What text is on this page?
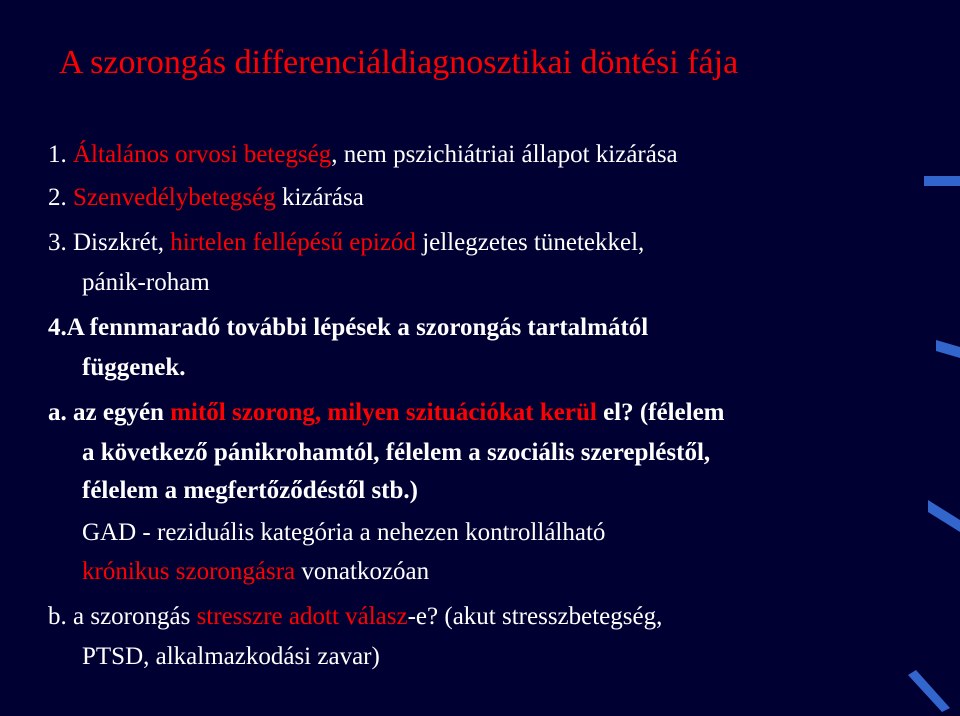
A szorongás differenciáldiagnosztikai döntési fája

1. Általános orvosi betegség, nem pszichiátriai állapot kizárása

2. Szenvedélybetegség kizárása

3. Diszkrét, hirtelen fellépésű epizód jellegzetes tünetekkel,

pánik-roham

4.A fennmaradó további lépések a szorongás tartalmától

függenek.

a. az egyén mitől szorong, milyen szituációkat kerül el? (félelem

a következő pánikrohamtól, félelem a szociális szerepléstől,

félelem a megfertőződéstől stb.)

GAD - reziduális kategória a nehezen kontrollálható

krónikus szorongásra vonatkozóan

b. a szorongás stresszre adott válasz-e? (akut stresszbetegség,

PTSD, alkalmazkodási zavar)
